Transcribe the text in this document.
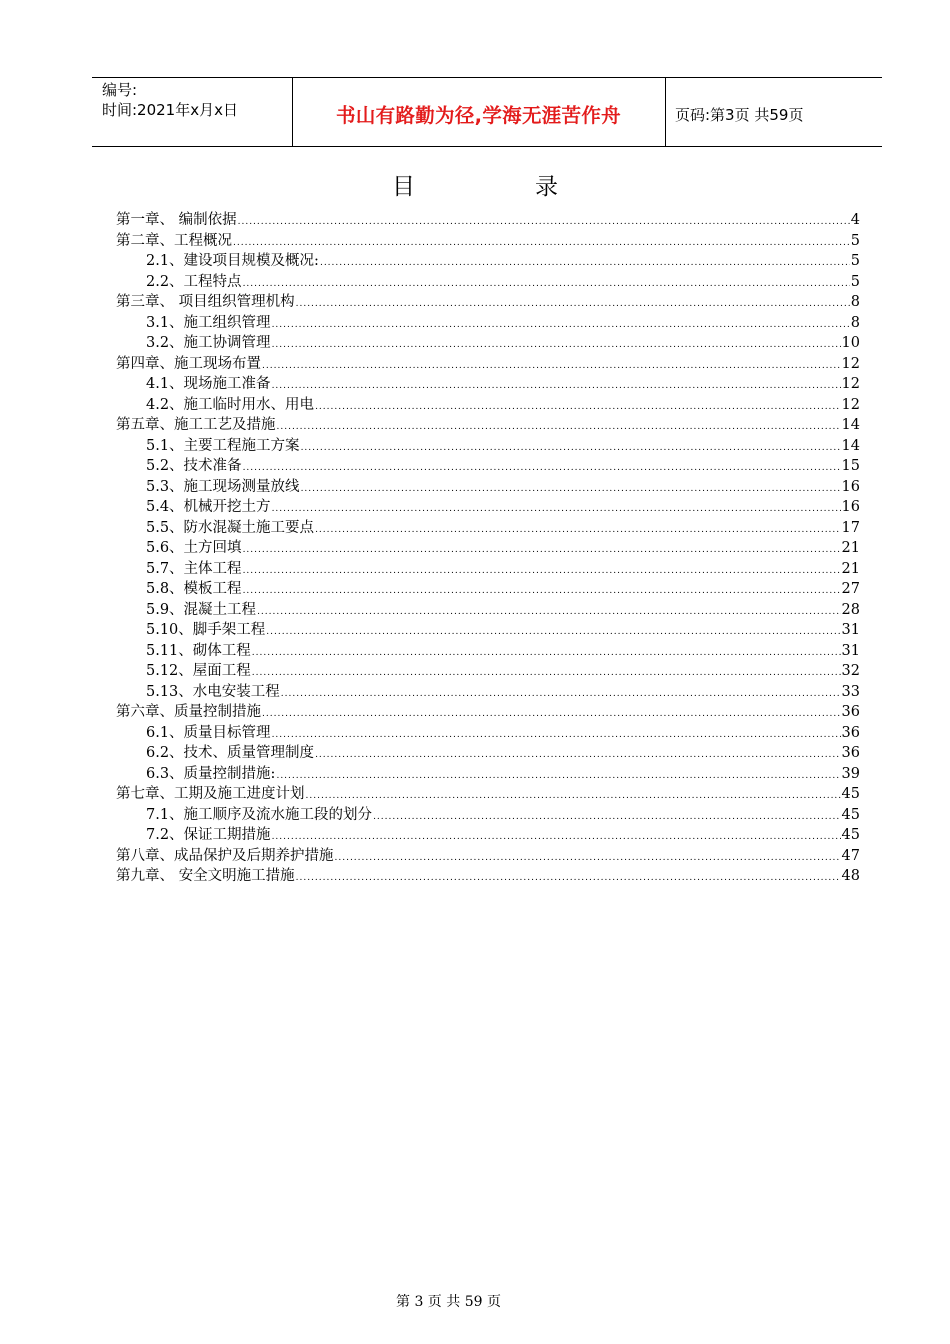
编号:
时间:2021年x月x日	书山有路勤为径,学海无涯苦作舟	页码:第3页 共59页
目	录
第一章、 编制依据 .....	4
第二章、工程概况 .....	5
2.1、建设项目规模及概况: .....	5
2.2、工程特点 .....	5
第三章、 项目组织管理机构 .....	8
3.1、施工组织管理 .....	8
3.2、施工协调管理 .....	10
第四章、施工现场布置 .....	12
4.1、现场施工准备 .....	12
4.2、施工临时用水、用电 .....	12
第五章、施工工艺及措施 .....	14
5.1、主要工程施工方案 .....	14
5.2、技术准备 .....	15
5.3、施工现场测量放线 .....	16
5.4、机械开挖土方 .....	16
5.5、防水混凝土施工要点 .....	17
5.6、土方回填 .....	21
5.7、主体工程 .....	21
5.8、模板工程 .....	27
5.9、混凝土工程 .....	28
5.10、脚手架工程 .....	31
5.11、砌体工程 .....	31
5.12、屋面工程 .....	32
5.13、水电安装工程 .....	33
第六章、质量控制措施 .....	36
6.1、质量目标管理 .....	36
6.2、技术、质量管理制度 .....	36
6.3、质量控制措施: .....	39
第七章、工期及施工进度计划 .....	45
7.1、施工顺序及流水施工段的划分 .....	45
7.2、保证工期措施 .....	45
第八章、成品保护及后期养护措施 .....	47
第九章、 安全文明施工措施 .....	48
第 3 页 共 59 页
